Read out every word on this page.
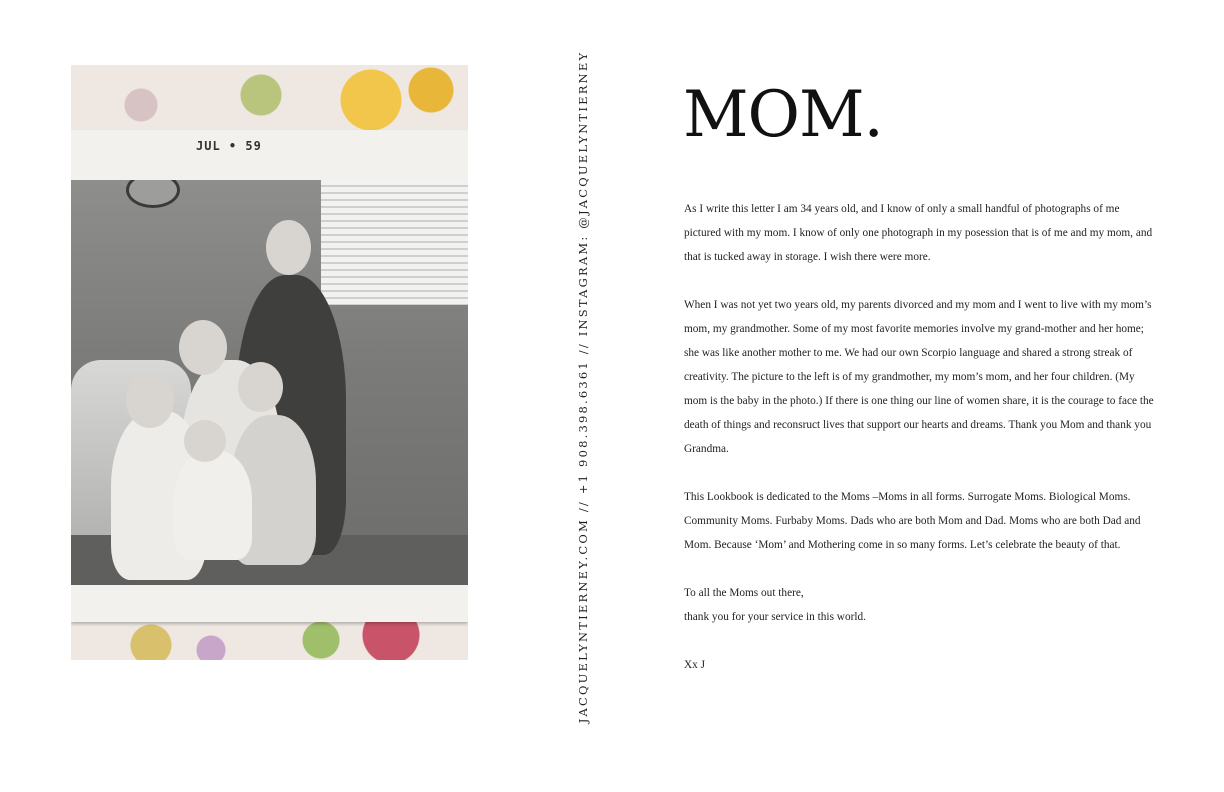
JUL • 59	JACQUELYNTIERNEY.COM // +1 908.398.6361 // INSTAGRAM: @JACQUELYNTIERNEY MOM.

As I write this letter I am 34 years old, and I know of only a small handful of photographs of me pictured with my mom. I know of only one photograph in my posession that is of me and my mom, and that is tucked away in storage. I wish there were more.

When I was not yet two years old, my parents divorced and my mom and I went to live with my mom’s mom, my grandmother. Some of my most favorite memories involve my grand-mother and her home; she was like another mother to me. We had our own Scorpio language and shared a strong streak of creativity. The picture to the left is of my grandmother, my mom’s mom, and her four children. (My mom is the baby in the photo.) If there is one thing our line of women share, it is the courage to face the death of things and reconsruct lives that support our hearts and dreams. Thank you Mom and thank you Grandma.

This Lookbook is dedicated to the Moms –Moms in all forms. Surrogate Moms. Biological Moms. Community Moms. Furbaby Moms. Dads who are both Mom and Dad. Moms who are both Dad and Mom. Because ‘Mom’ and Mothering come in so many forms. Let’s celebrate the beauty of that.

To all the Moms out there,

thank you for your service in this world.

Xx J
